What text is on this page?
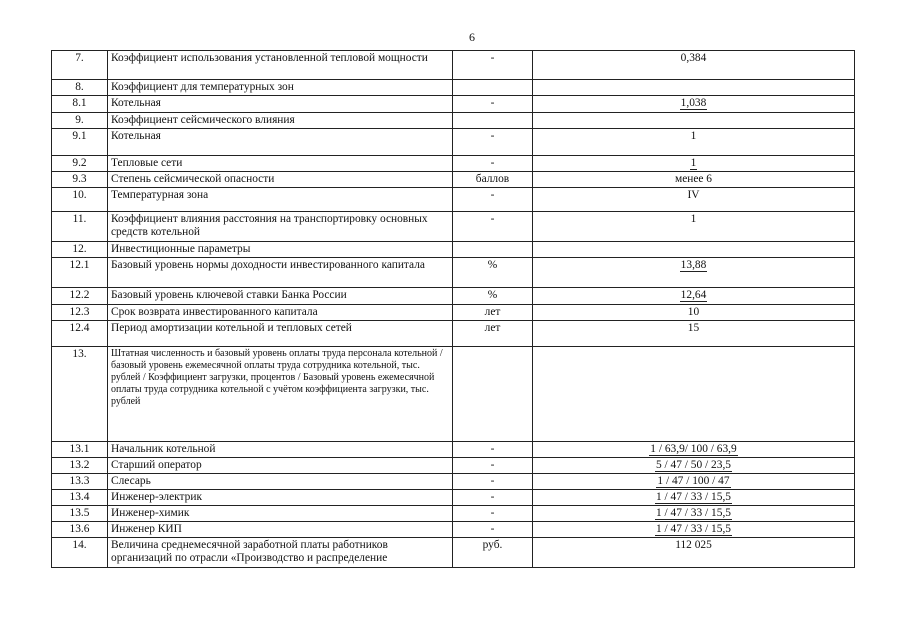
6
7.	Коэффициент использования установленной тепловой мощности	-	0,384
8.	Коэффициент для температурных зон		
8.1	Котельная	-	1,038
9.	Коэффициент сейсмического влияния		
9.1	Котельная	-	1
9.2	Тепловые сети	-	1
9.3	Степень сейсмической опасности	баллов	менее 6
10.	Температурная зона	-	IV
11.	Коэффициент влияния расстояния на транспортировку основных средств котельной	-	1
12.	Инвестиционные параметры		
12.1	Базовый уровень нормы доходности инвестированного капитала	%	13,88
12.2	Базовый уровень ключевой ставки Банка России	%	12,64
12.3	Срок возврата инвестированного капитала	лет	10
12.4	Период амортизации котельной и тепловых сетей	лет	15
13.	Штатная численность и базовый уровень оплаты труда персонала котельной / базовый уровень ежемесячной оплаты труда сотрудника котельной, тыс. рублей / Коэффициент загрузки, процентов / Базовый уровень ежемесячной оплаты труда сотрудника котельной с учётом коэффициента загрузки, тыс. рублей		
13.1	Начальник котельной	-	1 / 63,9/ 100 / 63,9
13.2	Старший оператор	-	5 / 47 / 50 / 23,5
13.3	Слесарь	-	1 / 47 / 100 / 47
13.4	Инженер-электрик	-	1 / 47 / 33 / 15,5
13.5	Инженер-химик	-	1 / 47 / 33 / 15,5
13.6	Инженер КИП	-	1 / 47 / 33 / 15,5
14.	Величина среднемесячной заработной платы работников организаций по отрасли «Производство и распределение	руб.	112 025
